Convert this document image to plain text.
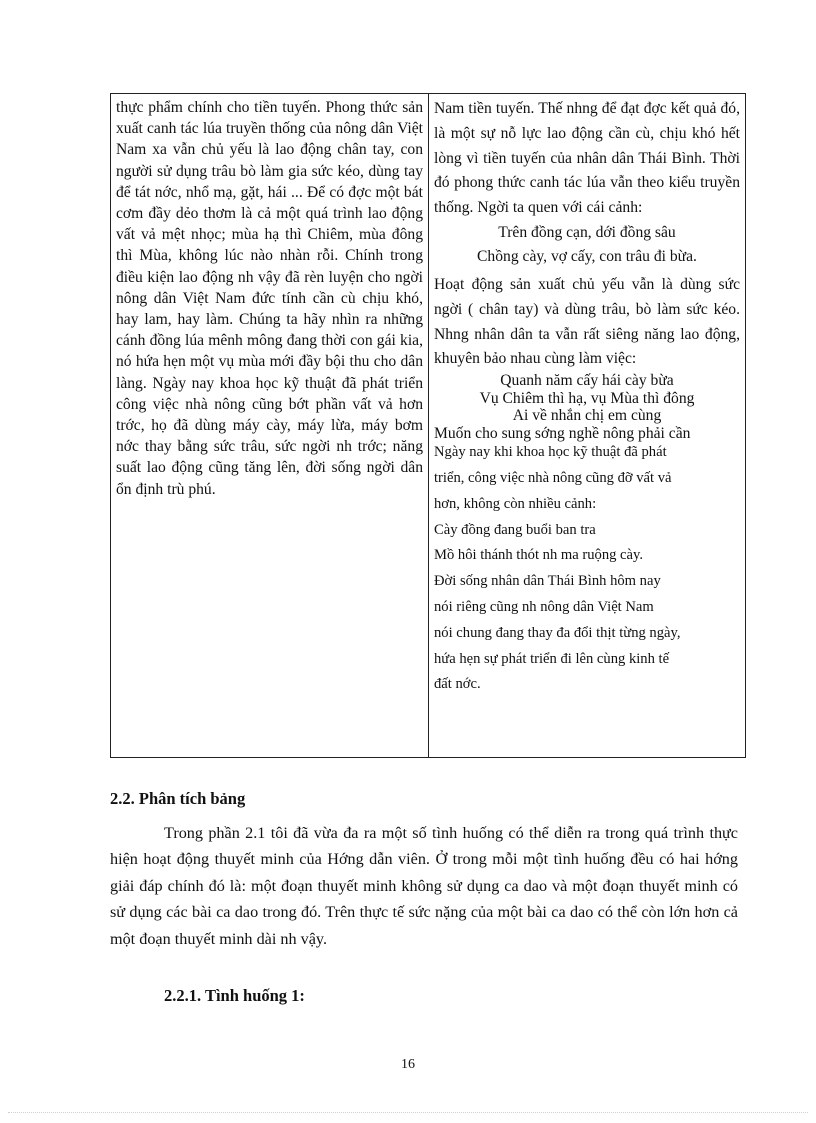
thực phẩm chính cho tiền tuyến. Phong thức sản xuất canh tác lúa truyền thống của nông dân Việt Nam xa vẫn chủ yếu là lao động chân tay, con người sử dụng trâu bò làm gia sức kéo, dùng tay để tát nớc, nhổ mạ, gặt, hái ... Để có đợc một bát cơm đầy dẻo thơm là cả một quá trình lao động vất vả mệt nhọc; mùa hạ thì Chiêm, mùa đông thì Mùa, không lúc nào nhàn rỗi. Chính trong điều kiện lao động nh vậy đã rèn luyện cho ngời nông dân Việt Nam đức tính cần cù chịu khó, hay lam, hay làm. Chúng ta hãy nhìn ra những cánh đồng lúa mênh mông đang thời con gái kia, nó hứa hẹn một vụ mùa mới đầy bội thu cho dân làng. Ngày nay khoa học kỹ thuật đã phát triển công việc nhà nông cũng bớt phần vất vả hơn trớc, họ đã dùng máy cày, máy lừa, máy bơm nớc thay bằng sức trâu, sức ngời nh trớc; năng suất lao động cũng tăng lên, đời sống ngời dân ổn định trù phú.

Nam tiền tuyến. Thế nhng để đạt đợc kết quả đó, là một sự nỗ lực lao động cần cù, chịu khó hết lòng vì tiền tuyến của nhân dân Thái Bình. Thời đó phong thức canh tác lúa vẫn theo kiểu truyền thống. Ngời ta quen với cái cảnh:

Trên đồng cạn, dới đồng sâu

Chồng cày, vợ cấy, con trâu đi bừa.

Hoạt động sản xuất chủ yếu vẫn là dùng sức ngời ( chân tay) và dùng trâu, bò làm sức kéo. Nhng nhân dân ta vẫn rất siêng năng lao động, khuyên bảo nhau cùng làm việc:

Quanh năm cấy hái cày bừa

Vụ Chiêm thì hạ, vụ Mùa thì đông

Ai về nhắn chị em cùng

Muốn cho sung sớng nghề nông phải cần

Ngày nay khi khoa học kỹ thuật đã phát

triển, công việc nhà nông cũng đỡ vất vả

hơn, không còn nhiều cảnh:

Cày đồng đang buổi ban tra

Mồ hôi thánh thót nh ma ruộng cày.

Đời sống nhân dân Thái Bình hôm nay

nói riêng cũng nh nông dân Việt Nam

nói chung đang thay đa đổi thịt từng ngày,

hứa hẹn sự phát triển đi lên cùng kinh tế

đất nớc.

2.2. Phân tích bảng

Trong phần 2.1 tôi đã vừa đa ra một số tình huống có thể diễn ra trong quá trình thực hiện hoạt động thuyết minh của Hớng dẫn viên. Ở trong mỗi một tình huống đều có hai hớng giải đáp chính đó là: một đoạn thuyết minh không sử dụng ca dao và một đoạn thuyết minh có sử dụng các bài ca dao trong đó. Trên thực tế sức nặng của một bài ca dao có thể còn lớn hơn cả một đoạn thuyết minh dài nh vậy.

2.2.1. Tình huống 1:

16
